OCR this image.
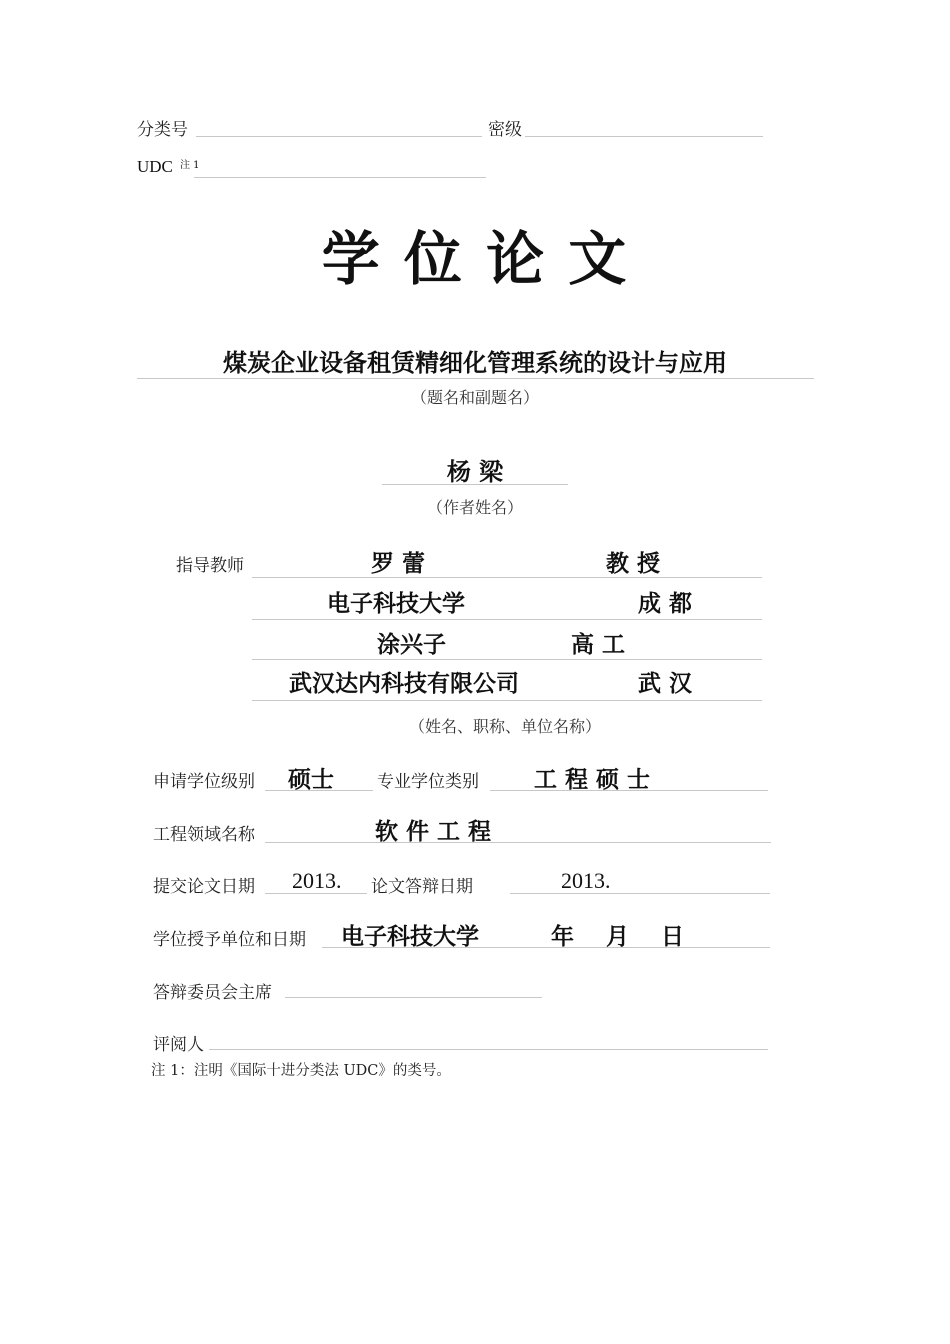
分类号	密级
UDC 注 1
学 位 论 文
煤炭企业设备租赁精细化管理系统的设计与应用
（题名和副题名）
杨 梁
（作者姓名）
指导教师	罗 蕾	教 授
电子科技大学	成 都
涂兴子	高 工
武汉达内科技有限公司	武 汉
（姓名、职称、单位名称）
申请学位级别 硕士	专业学位类别 工 程 硕 士
工程领域名称	软 件 工 程
提交论文日期 2013. 论文答辩日期	2013.
学位授予单位和日期 电子科技大学	年    月    日
答辩委员会主席
评阅人
注 1：注明《国际十进分类法 UDC》的类号。
